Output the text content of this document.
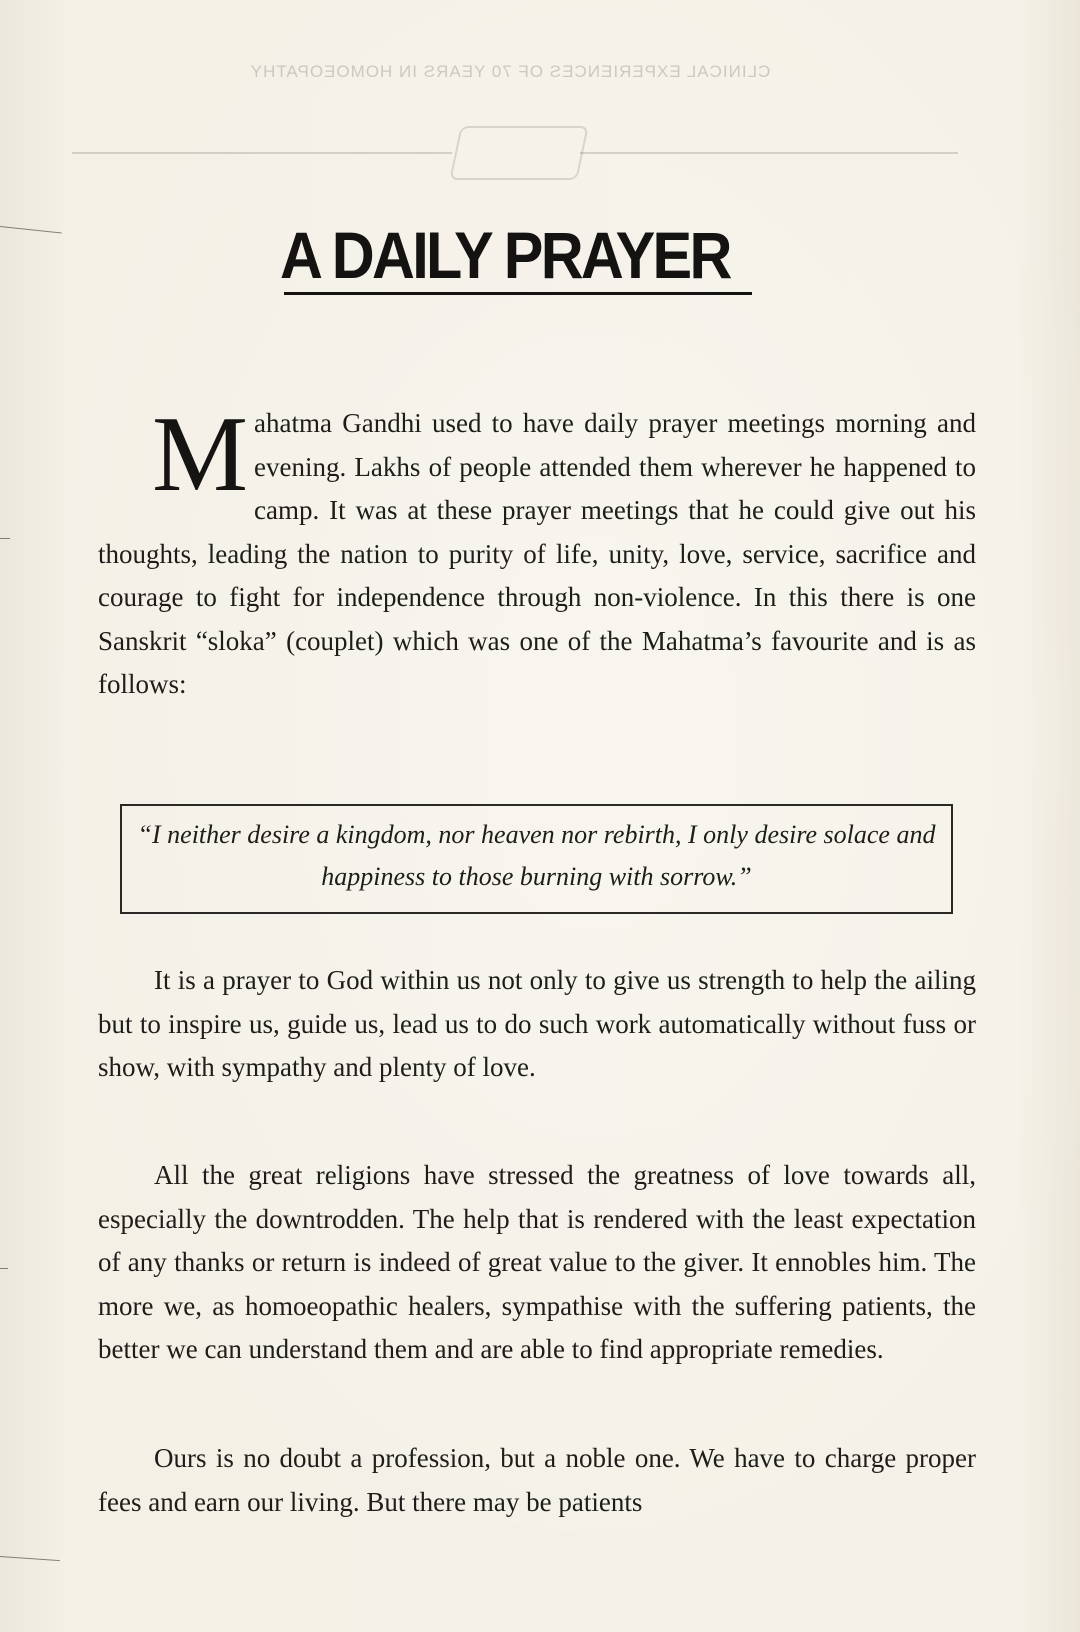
CLINICAL EXPERIENCES OF 70 YEARS IN HOMOEOPATHY
A DAILY PRAYER
Mahatma Gandhi used to have daily prayer meetings morning and evening. Lakhs of people attended them wherever he happened to camp. It was at these prayer meetings that he could give out his thoughts, leading the nation to purity of life, unity, love, service, sacrifice and courage to fight for independence through non-violence. In this there is one Sanskrit “sloka” (couplet) which was one of the Mahatma’s favourite and is as follows:
“I neither desire a kingdom, nor heaven nor rebirth, I only desire solace and happiness to those burning with sorrow.”
It is a prayer to God within us not only to give us strength to help the ailing but to inspire us, guide us, lead us to do such work automatically without fuss or show, with sympathy and plenty of love.
All the great religions have stressed the greatness of love towards all, especially the downtrodden. The help that is rendered with the least expectation of any thanks or return is indeed of great value to the giver. It ennobles him. The more we, as homoeopathic healers, sympathise with the suffering patients, the better we can understand them and are able to find appropriate remedies.
Ours is no doubt a profession, but a noble one. We have to charge proper fees and earn our living. But there may be patients
